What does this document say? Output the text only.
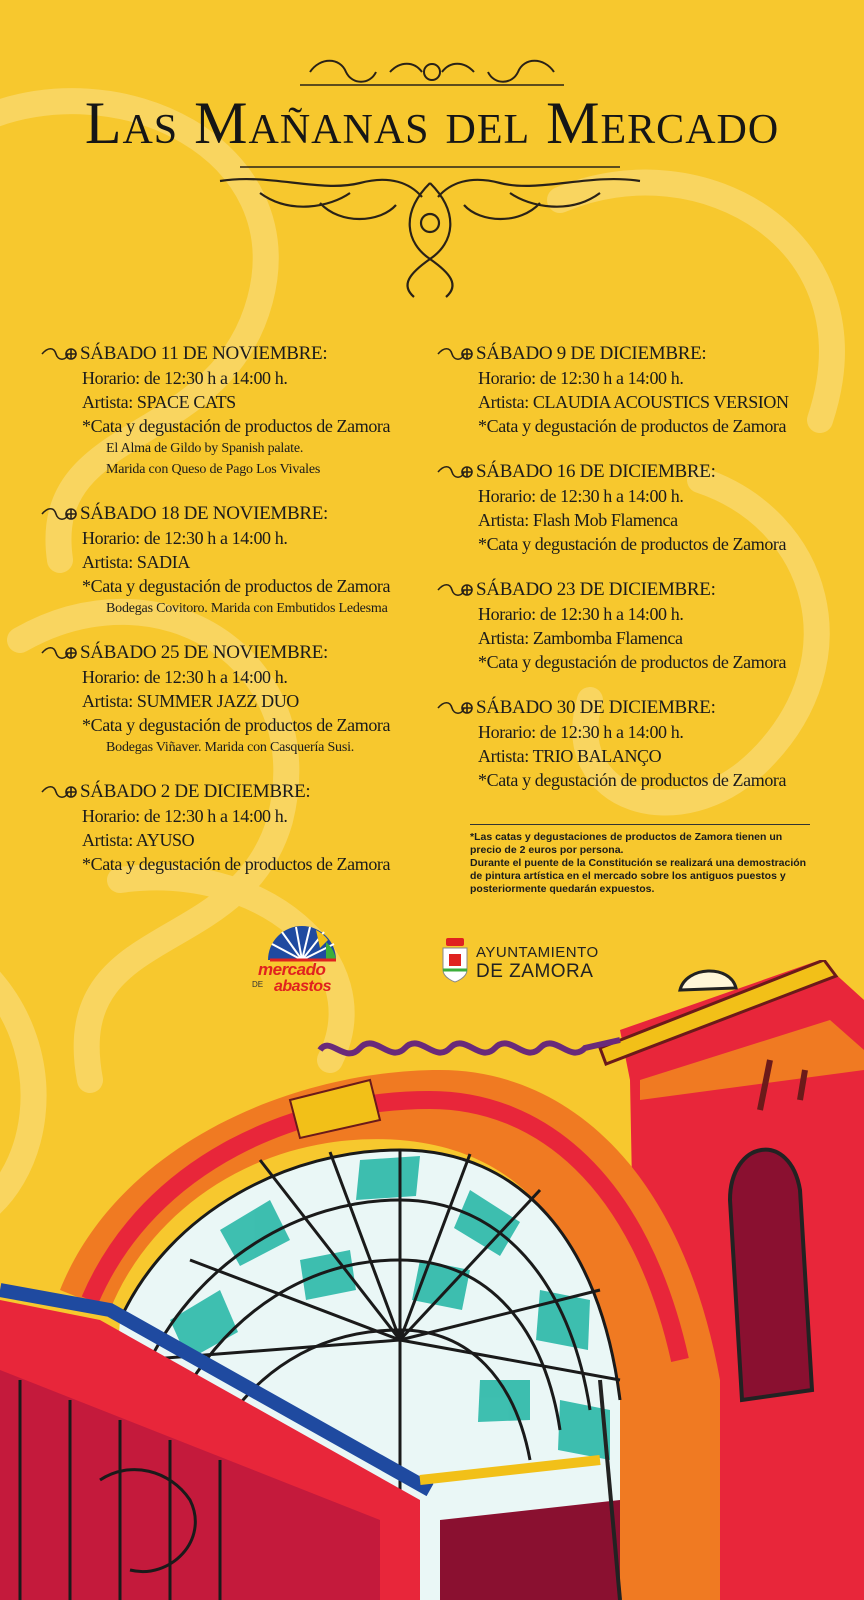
Las Mañanas del Mercado
SÁBADO 11 DE NOVIEMBRE:
Horario: de 12:30 h a 14:00 h.
Artista: SPACE CATS
*Cata y degustación de productos de Zamora
El Alma de Gildo by Spanish palate.
Marida con Queso de Pago Los Vivales
SÁBADO 18 DE NOVIEMBRE:
Horario: de 12:30 h a 14:00 h.
Artista: SADIA
*Cata y degustación de productos de Zamora
Bodegas Covitoro. Marida con Embutidos Ledesma
SÁBADO 25 DE NOVIEMBRE:
Horario: de 12:30 h a 14:00 h.
Artista: SUMMER JAZZ DUO
*Cata y degustación de productos de Zamora
Bodegas Viñaver. Marida con Casquería Susi.
SÁBADO 2 DE DICIEMBRE:
Horario: de 12:30 h a 14:00 h.
Artista: AYUSO
*Cata y degustación de productos de Zamora
SÁBADO 9 DE DICIEMBRE:
Horario: de 12:30 h a 14:00 h.
Artista: CLAUDIA ACOUSTICS VERSION
*Cata y degustación de productos de Zamora
SÁBADO 16 DE DICIEMBRE:
Horario: de 12:30 h a 14:00 h.
Artista: Flash Mob Flamenca
*Cata y degustación de productos de Zamora
SÁBADO 23 DE DICIEMBRE:
Horario: de 12:30 h a 14:00 h.
Artista: Zambomba Flamenca
*Cata y degustación de productos de Zamora
SÁBADO 30 DE DICIEMBRE:
Horario: de 12:30 h a 14:00 h.
Artista: TRIO BALANÇO
*Cata y degustación de productos de Zamora
*Las catas y degustaciones de productos de Zamora tienen un precio de 2 euros por persona.
Durante el puente de la Constitución se realizará una demostración de pintura artística en el mercado sobre los antiguos puestos y posteriormente quedarán expuestos.
mercado
DE abastos
AYUNTAMIENTO
DE ZAMORA
